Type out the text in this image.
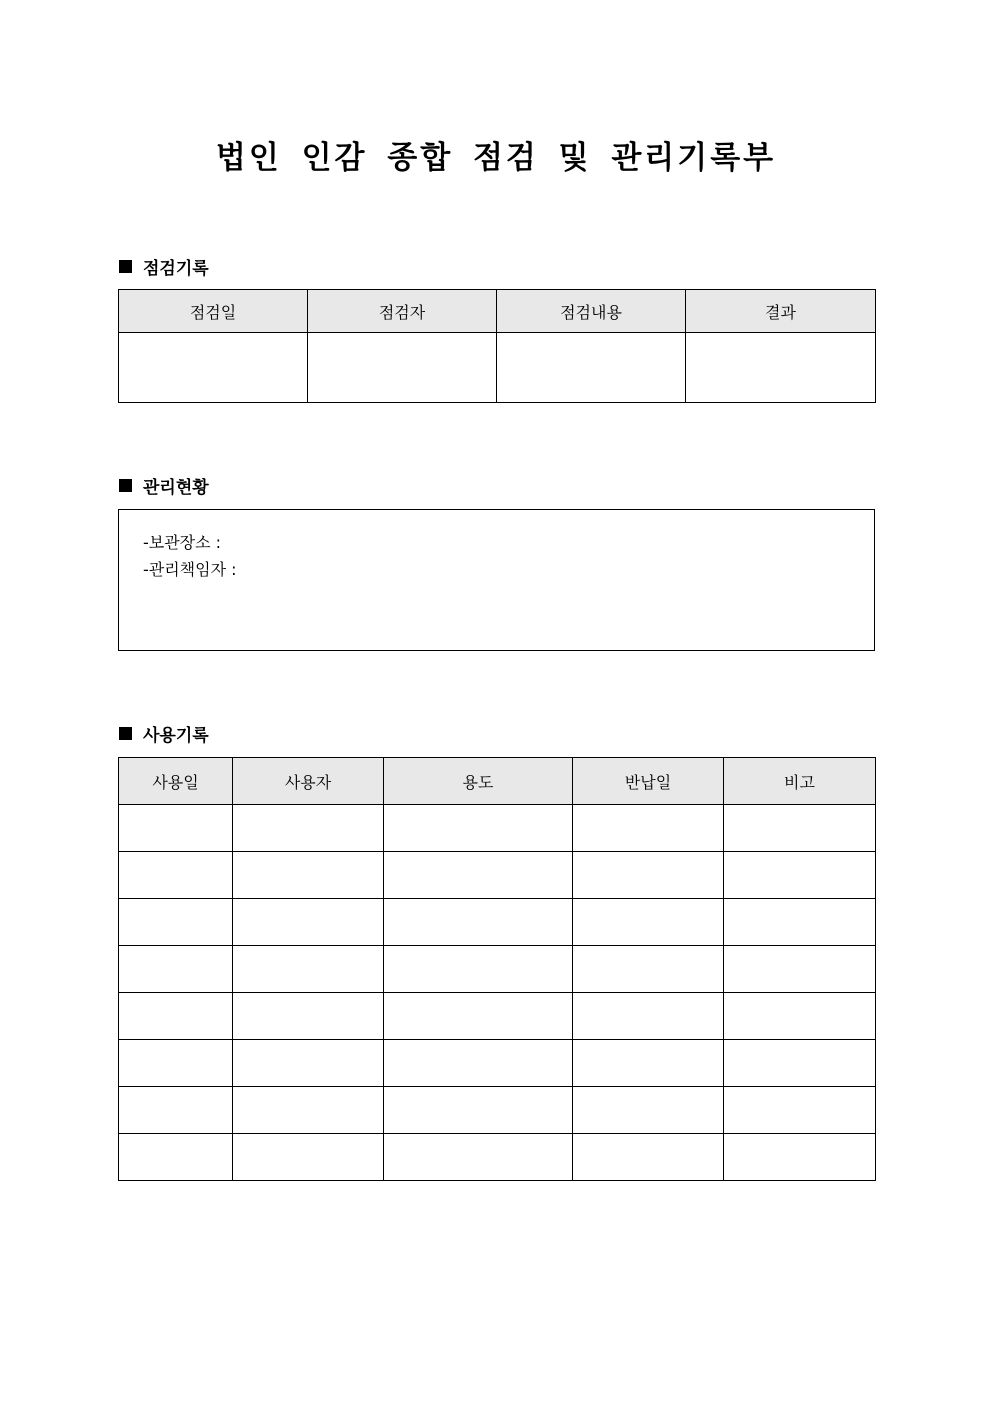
법인 인감 종합 점검 및 관리기록부
점검기록
점검일	점검자	점검내용	결과

관리현황
-보관장소 :
-관리책임자 :
사용기록
사용일	사용자	용도	반납일	비고
